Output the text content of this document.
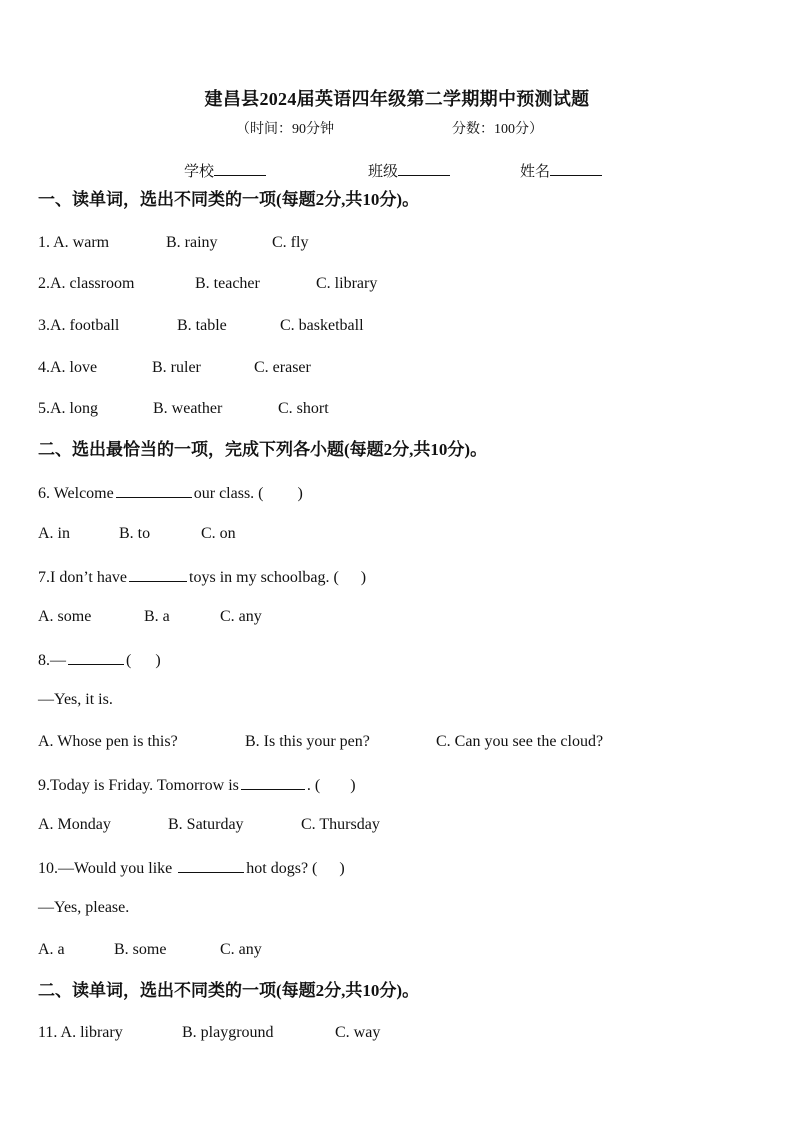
建昌县2024届英语四年级第二学期期中预测试题
（时间：90分钟	分数：100分）
学校	班级	姓名
一、读单词，选出不同类的一项(每题2分,共10分)。
1. A. warm	B. rainy	C. fly
2.A. classroom	B. teacher	C. library
3.A. football	B. table	C. basketball
4.A. love	B. ruler	C. eraser
5.A. long	B. weather	C. short
二、选出最恰当的一项，完成下列各小题(每题2分,共10分)。
6. Welcome	our class. ( )
A. in	B. to	C. on
7.I don’t have	toys in my schoolbag. ( )
A. some	B. a	C. any
8.—	( )
—Yes, it is.
A. Whose pen is this?	B. Is this your pen?	C. Can you see the cloud?
9.Today is Friday. Tomorrow is	. ( )
A. Monday	B. Saturday	C. Thursday
10.—Would you like	hot dogs? ( )
—Yes, please.
A. a	B. some	C. any
二、读单词，选出不同类的一项(每题2分,共10分)。
11. A. library	B. playground	C. way
